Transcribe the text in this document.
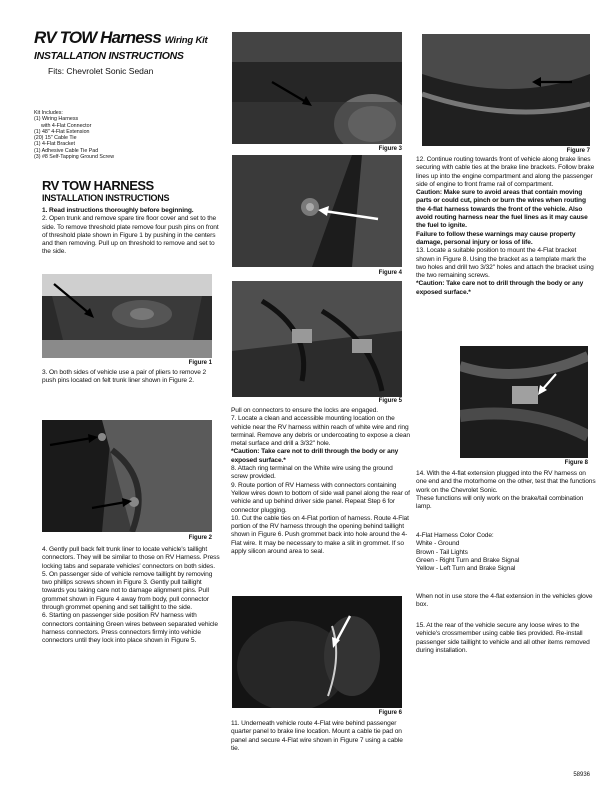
RV TOW Harness Wiring Kit
INSTALLATION INSTRUCTIONS
Fits: Chevrolet Sonic Sedan
Kit Includes:
(1) Wiring Harness
with 4-Flat Connector
(1) 48" 4-Flat Extension
(20) 15" Cable Tie
(1) 4-Flat Bracket
(1) Adhesive Cable Tie Pad
(3) #8 Self-Tapping Ground Screw
RV TOW HARNESS
INSTALLATION INSTRUCTIONS
1. Read instructions thoroughly before beginning.
2. Open trunk and remove spare tire floor cover and set to the side. To remove threshold plate remove four push pins on front of threshold plate shown in Figure 1 by pushing in the centers and then removing. Pull up on threshold to remove and set to the side.
Figure 1
3. On both sides of vehicle use a pair of pliers to remove 2 push pins located on felt trunk liner shown in Figure 2.
Figure 2
4. Gently pull back felt trunk liner to locate vehicle's taillight connectors. They will be similar to those on RV Harness. Press locking tabs and separate vehicles' connectors on both sides.
5. On passenger side of vehicle remove taillight by removing two phillips screws shown in Figure 3. Gently pull taillight towards you taking care not to damage alignment pins. Pull grommet shown in Figure 4 away from body, pull connector through grommet opening and set taillight to the side.
6. Starting on passenger side position RV harness with connectors containing Green wires between separated vehicle harness connectors. Press connectors firmly into vehicle connectors until they lock into place shown in Figure 5.
Figure 3
Figure 4
Figure 5
Pull on connectors to ensure the locks are engaged.
7. Locate a clean and accessible mounting location on the vehicle near the RV harness within reach of white wire and ring terminal. Remove any debris or undercoating to expose a clean metal surface and drill a 3/32" hole.
*Caution: Take care not to drill through the body or any exposed surface.*
8. Attach ring terminal on the White wire using the ground screw provided.
9. Route portion of RV Harness with connectors containing Yellow wires down to bottom of side wall panel along the rear of vehicle and up behind driver side panel. Repeat Step 6 for connector plugging.
10. Cut the cable ties on 4-Flat portion of harness. Route 4-Flat portion of the RV harness through the opening behind taillight shown in Figure 6. Push grommet back into hole around the 4-Flat wire. It may be necessary to make a slit in grommet. If so apply silicon around area to seal.
Figure 6
11. Underneath vehicle route 4-Flat wire behind passenger quarter panel to brake line location. Mount a cable tie pad on panel and secure 4-Flat wire shown in Figure 7 using a cable tie.
Figure 7
12. Continue routing towards front of vehicle along brake lines securing with cable ties at the brake line brackets. Follow brake lines up into the engine compartment and along the passenger side of engine to front frame rail of compartment.
Caution: Make sure to avoid areas that contain moving parts or could cut, pinch or burn the wires when routing the 4-flat harness towards the front of the vehicle. Also avoid routing harness near the fuel lines as it may cause the fuel to ignite.
Failure to follow these warnings may cause property damage, personal injury or loss of life.
13. Locate a suitable position to mount the 4-Flat bracket shown in Figure 8. Using the bracket as a template mark the two holes and drill two 3/32" holes and attach the bracket using the two remaining screws.
*Caution: Take care not to drill through the body or any exposed surface.*
Figure 8
14. With the 4-flat extension plugged into the RV harness on one end and the motorhome on the other, test that the functions work on the Chevrolet Sonic.
These functions will only work on the brake/tail combination lamp.
4-Flat Harness Color Code:
White - Ground
Brown - Tail Lights
Green - Right Turn and Brake Signal
Yellow - Left Turn and Brake Signal
When not in use store the 4-flat extension in the vehicles glove box.
15. At the rear of the vehicle secure any loose wires to the vehicle's crossmember using cable ties provided. Re-install passenger side taillight to vehicle and all other items removed during installation.
58936
